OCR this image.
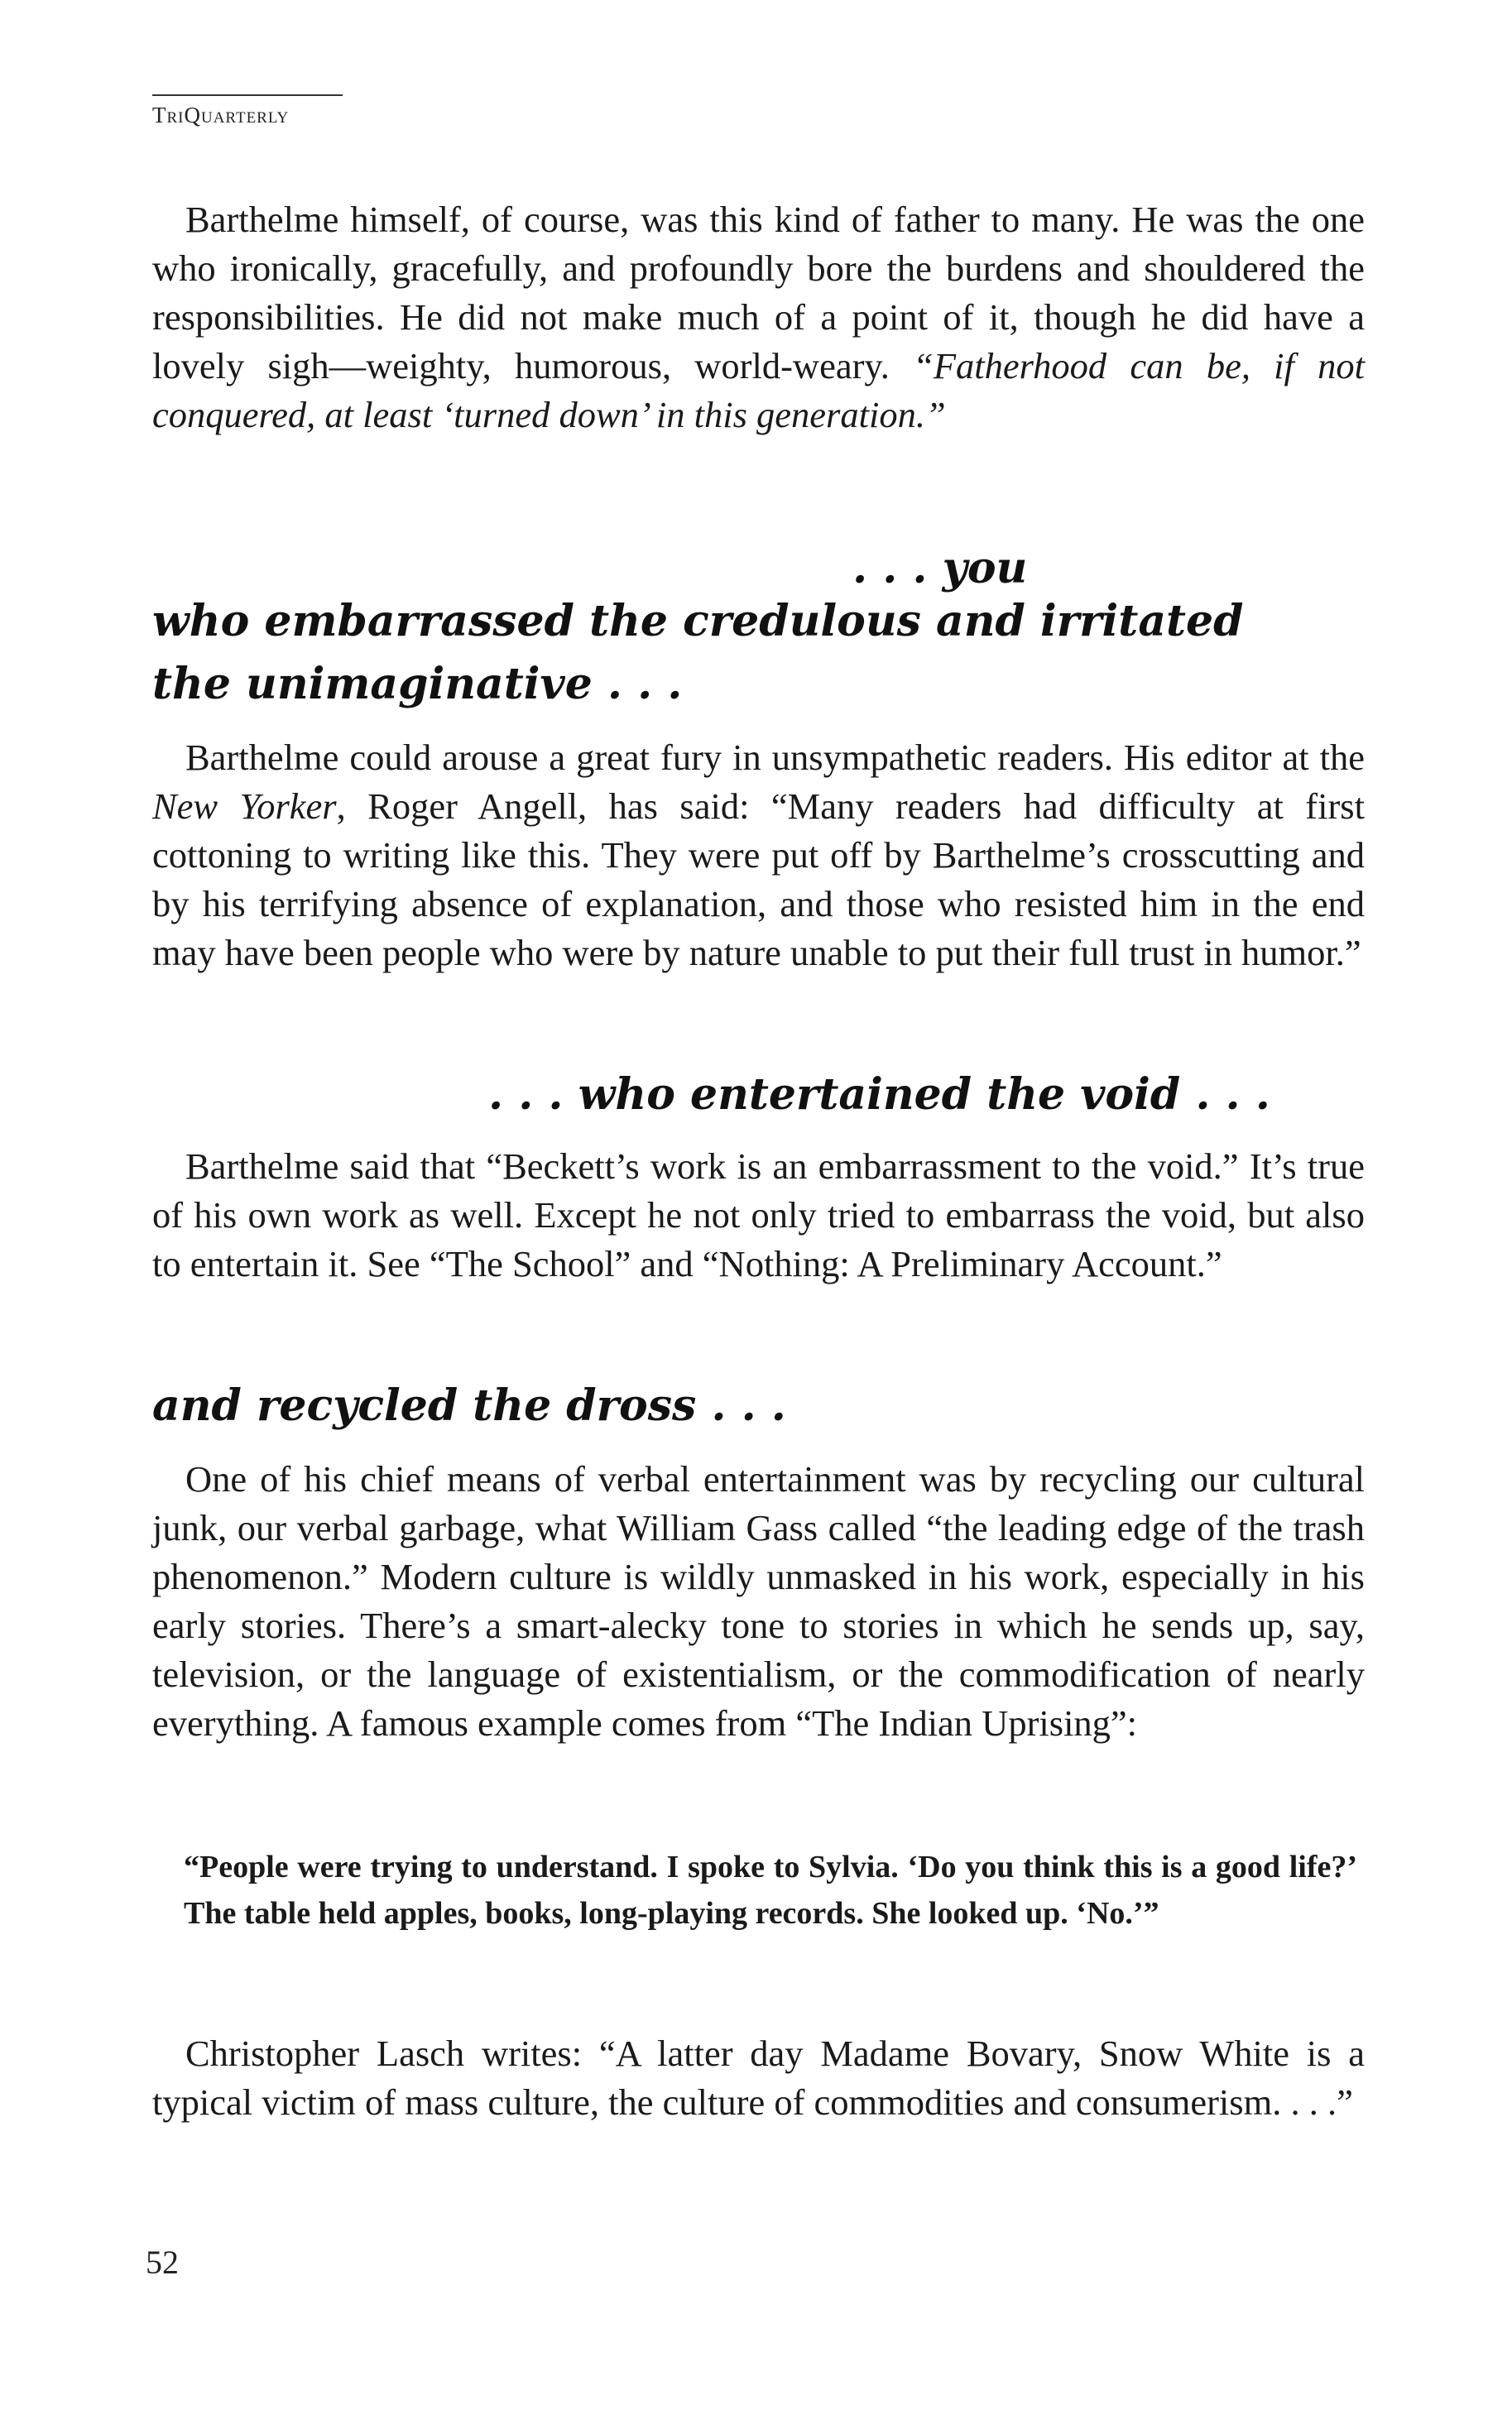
TriQuarterly

Barthelme himself, of course, was this kind of father to many. He was the one who ironically, gracefully, and profoundly bore the burdens and shouldered the responsibilities. He did not make much of a point of it, though he did have a lovely sigh—weighty, humorous, world-weary. “Fatherhood can be, if not conquered, at least ‘turned down’ in this generation.”

. . . you
who embarrassed the credulous and irritated
the unimaginative . . .

Barthelme could arouse a great fury in unsympathetic readers. His editor at the New Yorker, Roger Angell, has said: “Many readers had difficulty at first cottoning to writing like this. They were put off by Barthelme’s crosscutting and by his terrifying absence of explanation, and those who resisted him in the end may have been people who were by nature unable to put their full trust in humor.”

. . . who entertained the void . . .

Barthelme said that “Beckett’s work is an embarrassment to the void.” It’s true of his own work as well. Except he not only tried to embarrass the void, but also to entertain it. See “The School” and “Nothing: A Preliminary Account.”

and recycled the dross . . .

One of his chief means of verbal entertainment was by recycling our cultural junk, our verbal garbage, what William Gass called “the leading edge of the trash phenomenon.” Modern culture is wildly unmasked in his work, especially in his early stories. There’s a smart-alecky tone to stories in which he sends up, say, television, or the language of existentialism, or the commodification of nearly everything. A famous example comes from “The Indian Uprising”:

“People were trying to understand. I spoke to Sylvia. ‘Do you think this is a good life?’ The table held apples, books, long-playing records. She looked up. ‘No.’”

Christopher Lasch writes: “A latter day Madame Bovary, Snow White is a typical victim of mass culture, the culture of commodities and consumerism. . . .”

52
